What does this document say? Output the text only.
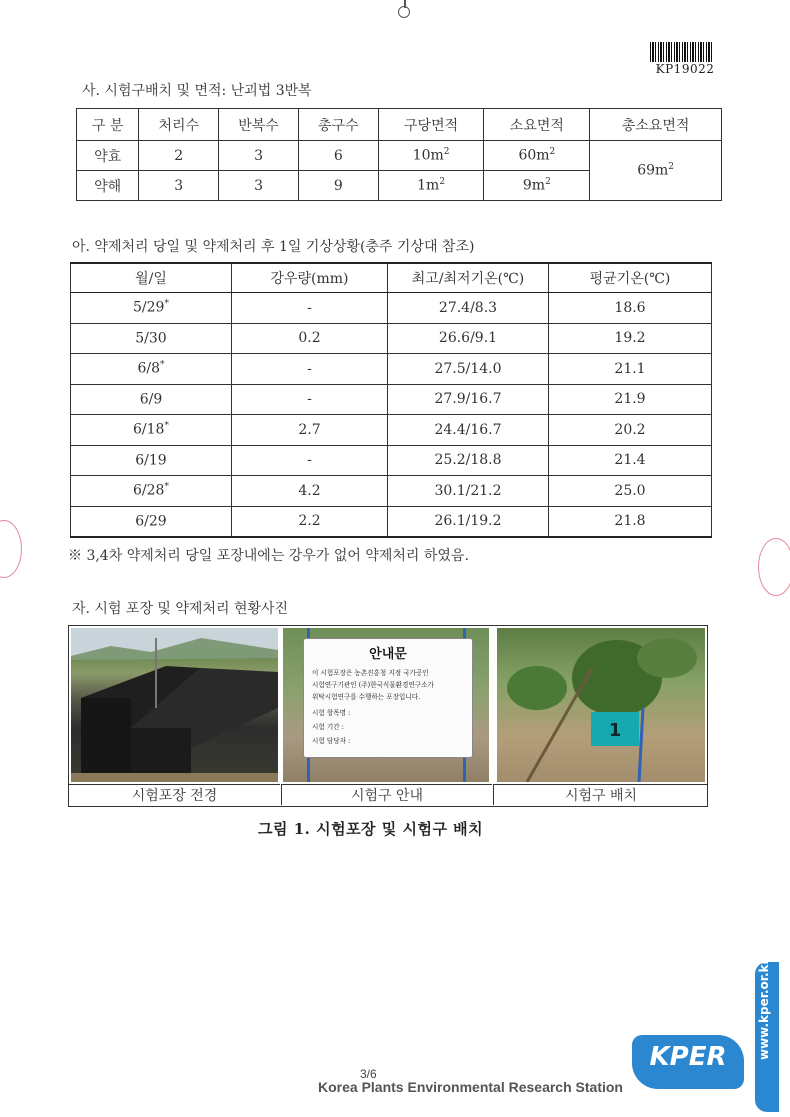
KP19022
사. 시험구배치 및 면적: 난괴법 3반복
구 분	처리수	반복수	총구수	구당면적	소요면적	총소요면적
약효	2	3	6	$10m^2$	$60m^2$	$69m^2$
약해	3	3	9	$1m^2$	$9m^2$
아. 약제처리 당일 및 약제처리 후 1일 기상상황(충주 기상대 참조)
월/일	강우량(mm)	최고/최저기온(℃)	평균기온(℃)
5/29*	-	27.4/8.3	18.6
5/30	0.2	26.6/9.1	19.2
6/8*	-	27.5/14.0	21.1
6/9	-	27.9/16.7	21.9
6/18*	2.7	24.4/16.7	20.2
6/19	-	25.2/18.8	21.4
6/28*	4.2	30.1/21.2	25.0
6/29	2.2	26.1/19.2	21.8
※ 3,4차 약제처리 당일 포장내에는 강우가 없어 약제처리 하였음.
자. 시험 포장 및 약제처리 현황사진
안내문
이 시험포장은 농촌진흥청 지정 국가공인
시험연구기관인 (주)한국식물환경연구소가
위탁시험연구를 수행하는 포장입니다.
시험 항목명 :
시험 기간 :
시험 담당자 :	1
시험포장 전경	시험구 안내	시험구 배치
그림 1. 시험포장 및 시험구 배치
www.kper.or.kr
KPER
3/6
Korea Plants Environmental Research Station
